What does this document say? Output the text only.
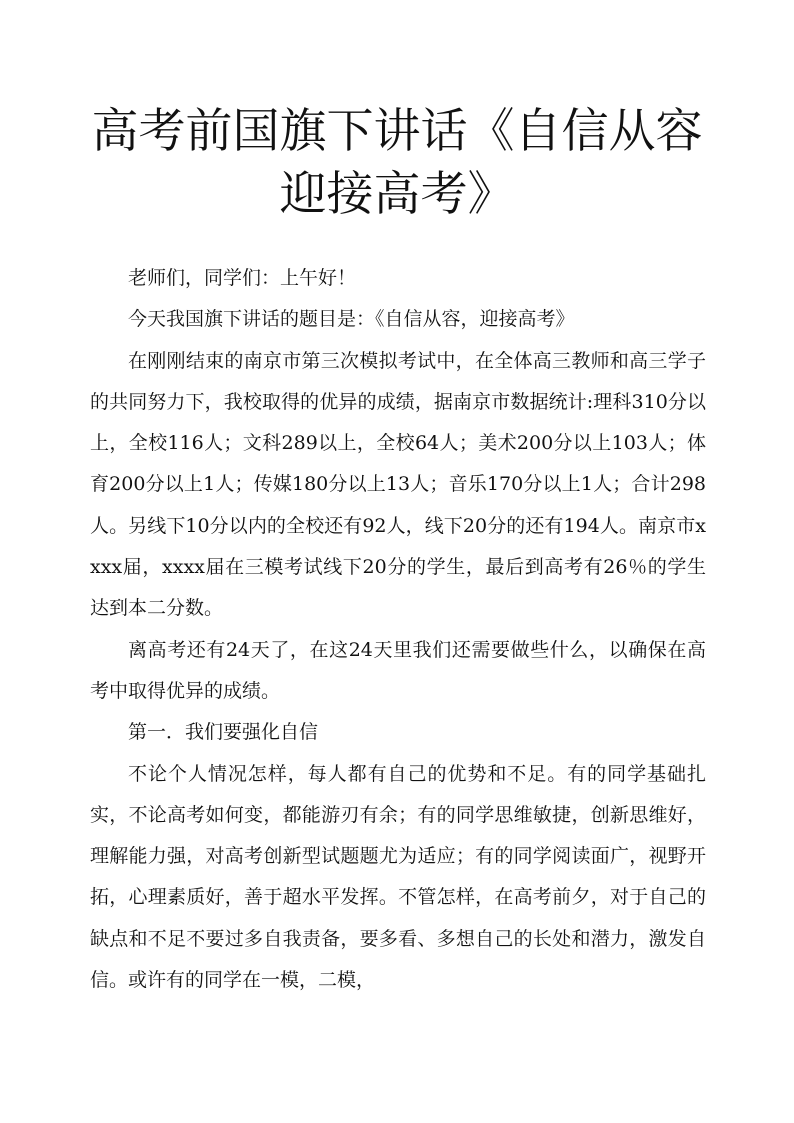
高考前国旗下讲话《自信从容
迎接高考》

老师们，同学们：上午好！

今天我国旗下讲话的题目是：《自信从容，迎接高考》

在刚刚结束的南京市第三次模拟考试中，在全体高三教师和高三学子的共同努力下，我校取得的优异的成绩，据南京市数据统计:理科310分以上，全校116人；文科289以上，全校64人；美术200分以上103人；体育200分以上1人；传媒180分以上13人；音乐170分以上1人；合计298人。另线下10分以内的全校还有92人，线下20分的还有194人。南京市xxxx届，xxxx届在三模考试线下20分的学生，最后到高考有26％的学生达到本二分数。

离高考还有24天了，在这24天里我们还需要做些什么，以确保在高考中取得优异的成绩。

第一．我们要强化自信

不论个人情况怎样，每人都有自己的优势和不足。有的同学基础扎实，不论高考如何变，都能游刃有余；有的同学思维敏捷，创新思维好，理解能力强，对高考创新型试题题尤为适应；有的同学阅读面广，视野开拓，心理素质好，善于超水平发挥。不管怎样，在高考前夕，对于自己的缺点和不足不要过多自我责备，要多看、多想自己的长处和潜力，激发自信。或许有的同学在一模，二模，
